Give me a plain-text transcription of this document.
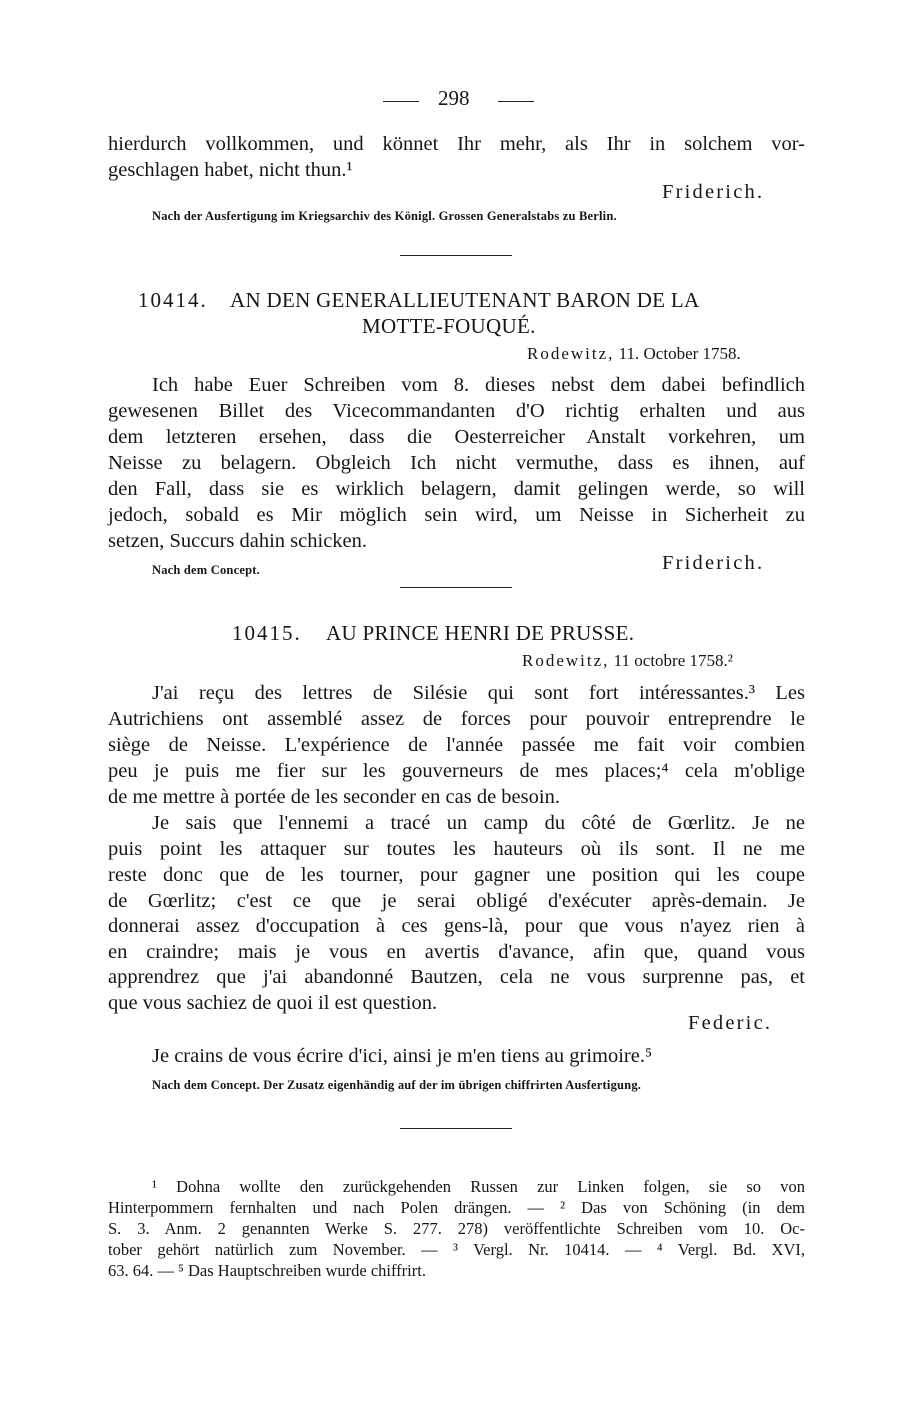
298
hierdurch vollkommen, und könnet Ihr mehr, als Ihr in solchem vor-
geschlagen habet, nicht thun.¹
Friderich.
Nach der Ausfertigung im Kriegsarchiv des Königl. Grossen Generalstabs zu Berlin.
10414. AN DEN GENERALLIEUTENANT BARON DE LA
MOTTE-FOUQUÉ.
Rodewitz, 11. October 1758.
Ich habe Euer Schreiben vom 8. dieses nebst dem dabei befindlich
gewesenen Billet des Vicecommandanten d'O richtig erhalten und aus
dem letzteren ersehen, dass die Oesterreicher Anstalt vorkehren, um
Neisse zu belagern. Obgleich Ich nicht vermuthe, dass es ihnen, auf
den Fall, dass sie es wirklich belagern, damit gelingen werde, so will
jedoch, sobald es Mir möglich sein wird, um Neisse in Sicherheit zu
setzen, Succurs dahin schicken.
Nach dem Concept.	Friderich.
10415. AU PRINCE HENRI DE PRUSSE.
Rodewitz, 11 octobre 1758.²
J'ai reçu des lettres de Silésie qui sont fort intéressantes.³ Les
Autrichiens ont assemblé assez de forces pour pouvoir entreprendre le
siège de Neisse. L'expérience de l'année passée me fait voir combien
peu je puis me fier sur les gouverneurs de mes places;⁴ cela m'oblige
de me mettre à portée de les seconder en cas de besoin.
Je sais que l'ennemi a tracé un camp du côté de Gœrlitz. Je ne
puis point les attaquer sur toutes les hauteurs où ils sont. Il ne me
reste donc que de les tourner, pour gagner une position qui les coupe
de Gœrlitz; c'est ce que je serai obligé d'exécuter après-demain. Je
donnerai assez d'occupation à ces gens-là, pour que vous n'ayez rien à
en craindre; mais je vous en avertis d'avance, afin que, quand vous
apprendrez que j'ai abandonné Bautzen, cela ne vous surprenne pas, et
que vous sachiez de quoi il est question.
Federic.
Je crains de vous écrire d'ici, ainsi je m'en tiens au grimoire.⁵
Nach dem Concept. Der Zusatz eigenhändig auf der im übrigen chiffrirten Ausfertigung.
¹ Dohna wollte den zurückgehenden Russen zur Linken folgen, sie so von
Hinterpommern fernhalten und nach Polen drängen. — ² Das von Schöning (in dem
S. 3. Anm. 2 genannten Werke S. 277. 278) veröffentlichte Schreiben vom 10. Oc-
tober gehört natürlich zum November. — ³ Vergl. Nr. 10414. — ⁴ Vergl. Bd. XVI,
63. 64. — ⁵ Das Hauptschreiben wurde chiffrirt.
